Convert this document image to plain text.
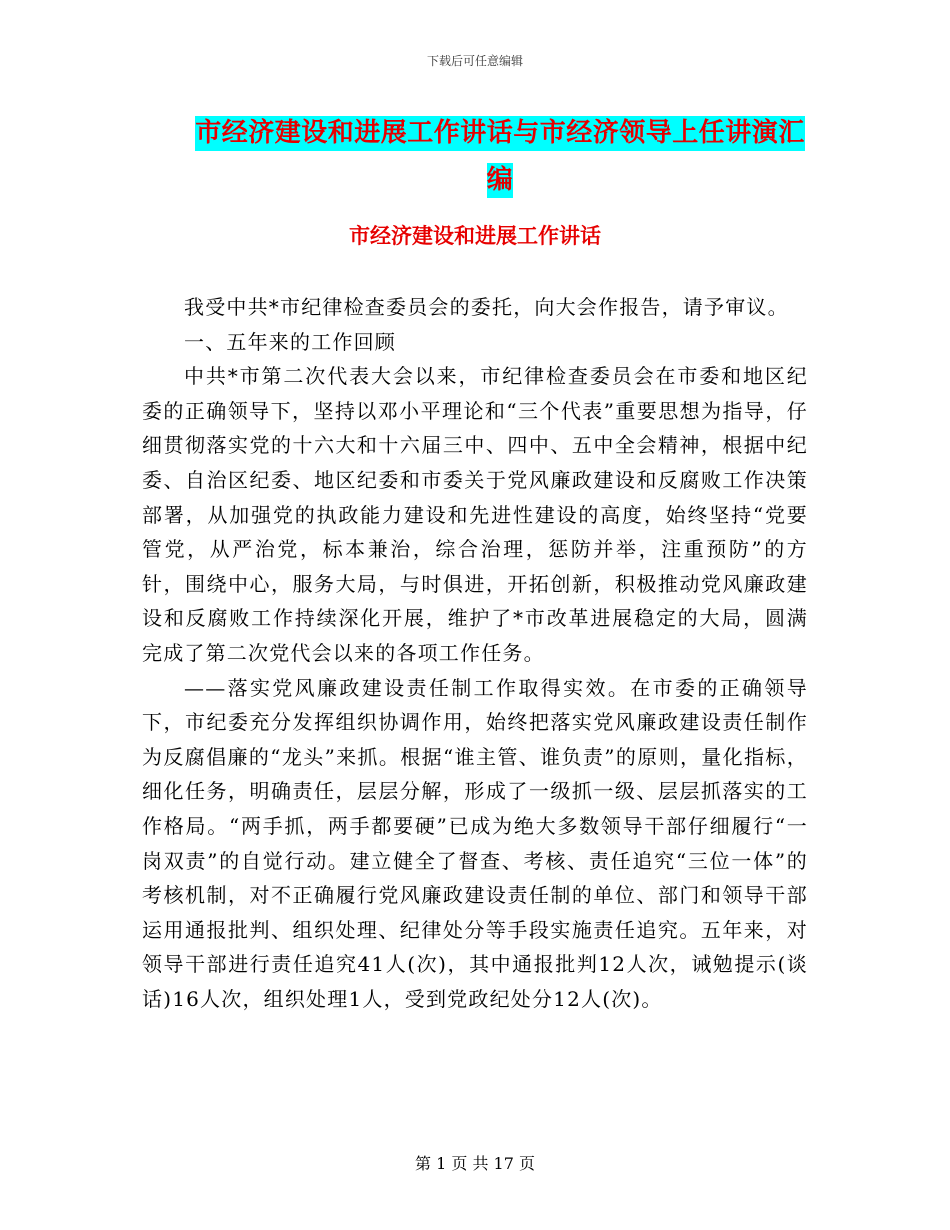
下载后可任意编辑
市经济建设和进展工作讲话与市经济领导上任讲演汇
编
市经济建设和进展工作讲话

我受中共*市纪律检查委员会的委托，向大会作报告，请予审议。

一、五年来的工作回顾

中共*市第二次代表大会以来，市纪律检查委员会在市委和地区纪委的正确领导下，坚持以邓小平理论和“三个代表”重要思想为指导，仔细贯彻落实党的十六大和十六届三中、四中、五中全会精神，根据中纪委、自治区纪委、地区纪委和市委关于党风廉政建设和反腐败工作决策部署，从加强党的执政能力建设和先进性建设的高度，始终坚持“党要管党，从严治党，标本兼治，综合治理，惩防并举，注重预防”的方针，围绕中心，服务大局，与时俱进，开拓创新，积极推动党风廉政建设和反腐败工作持续深化开展，维护了*市改革进展稳定的大局，圆满完成了第二次党代会以来的各项工作任务。

——落实党风廉政建设责任制工作取得实效。在市委的正确领导下，市纪委充分发挥组织协调作用，始终把落实党风廉政建设责任制作为反腐倡廉的“龙头”来抓。根据“谁主管、谁负责”的原则，量化指标，细化任务，明确责任，层层分解，形成了一级抓一级、层层抓落实的工作格局。“两手抓，两手都要硬”已成为绝大多数领导干部仔细履行“一岗双责”的自觉行动。建立健全了督查、考核、责任追究“三位一体”的考核机制，对不正确履行党风廉政建设责任制的单位、部门和领导干部运用通报批判、组织处理、纪律处分等手段实施责任追究。五年来，对领导干部进行责任追究41人(次)，其中通报批判12人次，诫勉提示(谈话)16人次，组织处理1人，受到党政纪处分12人(次)。

第 1 页 共 17 页
